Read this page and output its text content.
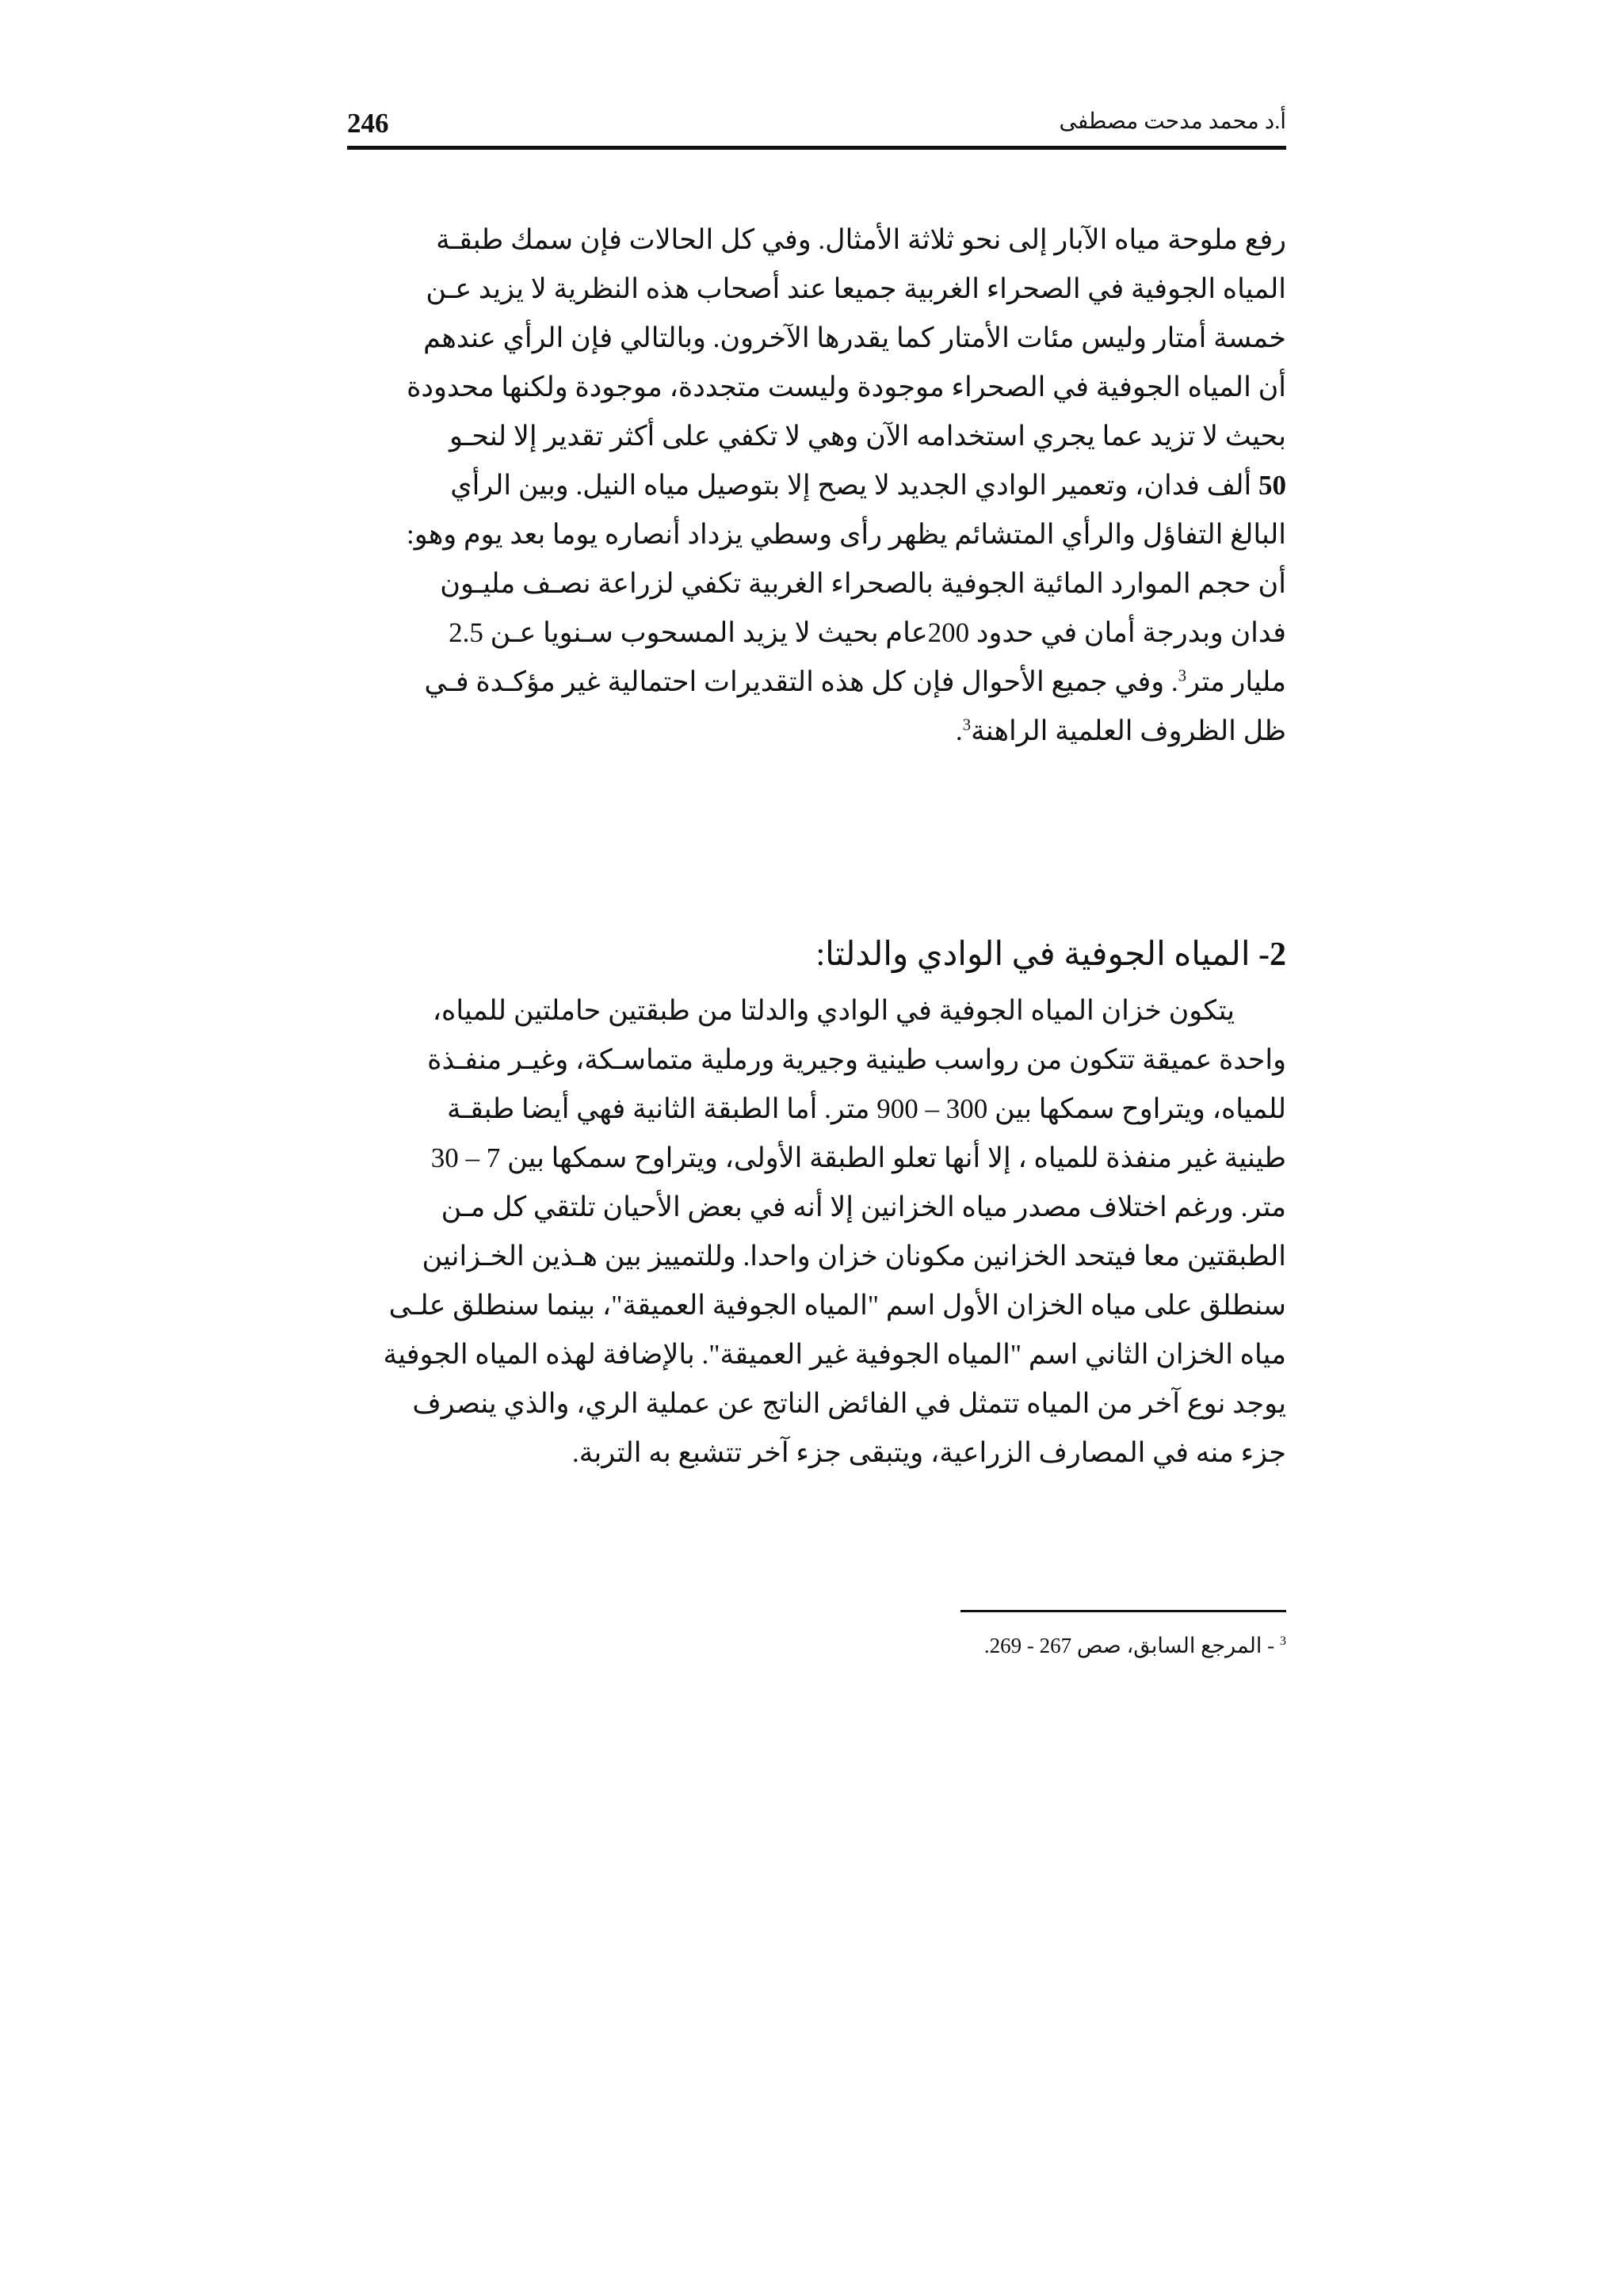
246	أ.د محمد مدحت مصطفى
رفع ملوحة مياه الآبار إلى نحو ثلاثة الأمثال. وفي كل الحالات فإن سمك طبقـة
المياه الجوفية في الصحراء الغربية جميعا عند أصحاب هذه النظرية لا يزيد عـن
خمسة أمتار وليس مئات الأمتار كما يقدرها الآخرون. وبالتالي فإن الرأي عندهم
أن المياه الجوفية في الصحراء موجودة وليست متجددة، موجودة ولكنها محدودة
بحيث لا تزيد عما يجري استخدامه الآن وهي لا تكفي على أكثر تقدير إلا لنحـو
50 ألف فدان، وتعمير الوادي الجديد لا يصح إلا بتوصيل مياه النيل. وبين الرأي
البالغ التفاؤل والرأي المتشائم يظهر رأى وسطي يزداد أنصاره يوما بعد يوم وهو:
أن حجم الموارد المائية الجوفية بالصحراء الغربية تكفي لزراعة نصـف مليـون
فدان وبدرجة أمان في حدود 200عام بحيث لا يزيد المسحوب سـنويا عـن 2.5
مليار متر$^3$. وفي جميع الأحوال فإن كل هذه التقديرات احتمالية غير مؤكـدة فـي
ظل الظروف العلمية الراهنة$^3$.
2- المياه الجوفية في الوادي والدلتا:
يتكون خزان المياه الجوفية في الوادي والدلتا من طبقتين حاملتين للمياه،
واحدة عميقة تتكون من رواسب طينية وجيرية ورملية متماسـكة، وغيـر منفـذة
للمياه، ويتراوح سمكها بين 300 – 900 متر. أما الطبقة الثانية فهي أيضا طبقـة
طينية غير منفذة للمياه ، إلا أنها تعلو الطبقة الأولى، ويتراوح سمكها بين 7 – 30
متر. ورغم اختلاف مصدر مياه الخزانين إلا أنه في بعض الأحيان تلتقي كل مـن
الطبقتين معا فيتحد الخزانين مكونان خزان واحدا. وللتمييز بين هـذين الخـزانين
سنطلق على مياه الخزان الأول اسم "المياه الجوفية العميقة"، بينما سنطلق علـى
مياه الخزان الثاني اسم "المياه الجوفية غير العميقة". بالإضافة لهذه المياه الجوفية
يوجد نوع آخر من المياه تتمثل في الفائض الناتج عن عملية الري، والذي ينصرف
جزء منه في المصارف الزراعية، ويتبقى جزء آخر تتشبع به التربة.
$^3$ - المرجع السابق، صص 267 - 269.
